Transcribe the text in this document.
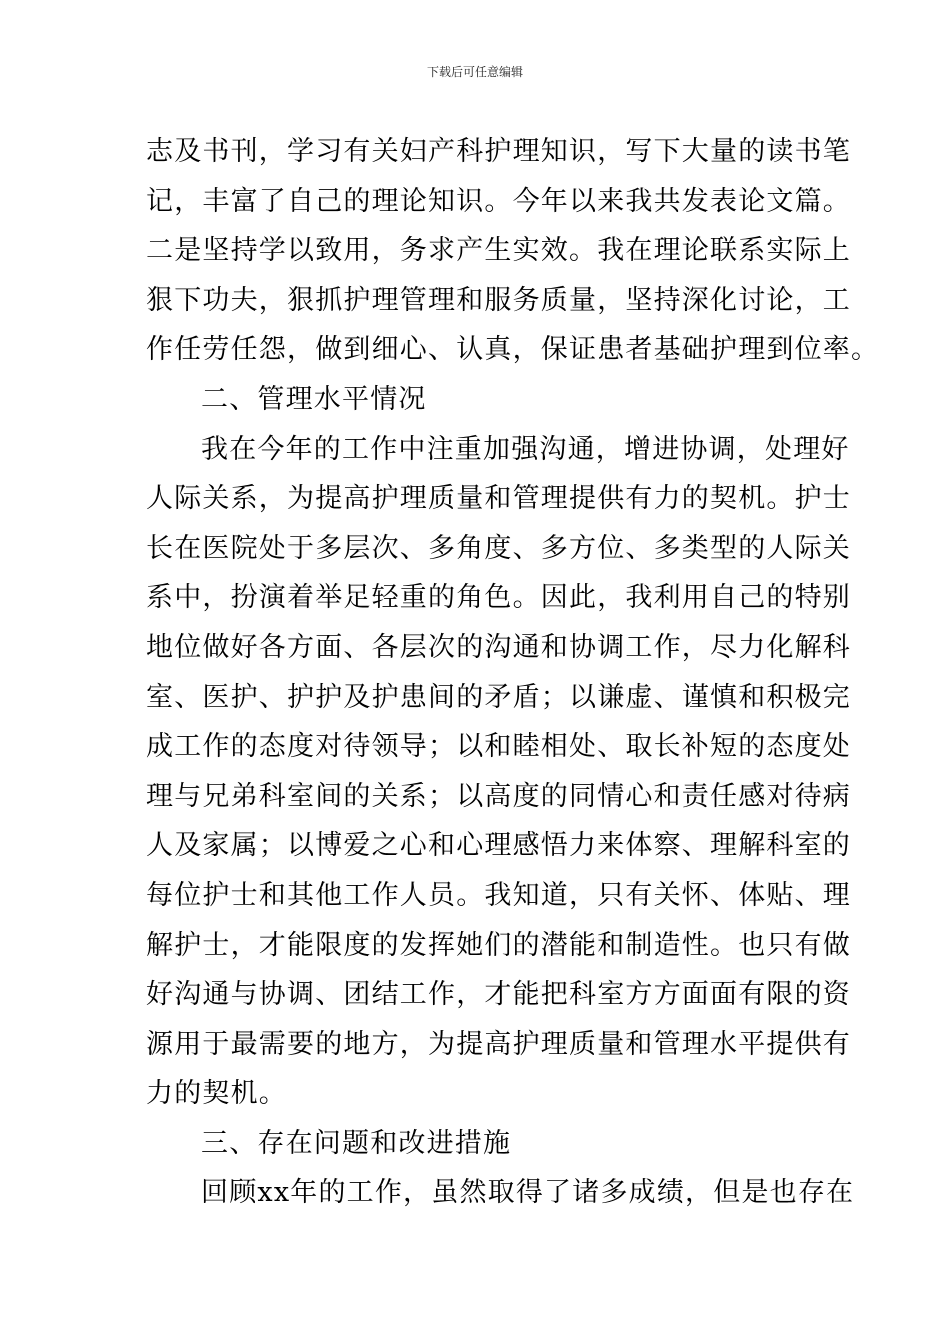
下载后可任意编辑
志及书刊，学习有关妇产科护理知识，写下大量的读书笔
记，丰富了自己的理论知识。今年以来我共发表论文篇。
二是坚持学以致用，务求产生实效。我在理论联系实际上
狠下功夫，狠抓护理管理和服务质量，坚持深化讨论，工
作任劳任怨，做到细心、认真，保证患者基础护理到位率。
二、管理水平情况
我在今年的工作中注重加强沟通，增进协调，处理好
人际关系，为提高护理质量和管理提供有力的契机。护士
长在医院处于多层次、多角度、多方位、多类型的人际关
系中，扮演着举足轻重的角色。因此，我利用自己的特别
地位做好各方面、各层次的沟通和协调工作，尽力化解科
室、医护、护护及护患间的矛盾；以谦虚、谨慎和积极完
成工作的态度对待领导；以和睦相处、取长补短的态度处
理与兄弟科室间的关系；以高度的同情心和责任感对待病
人及家属；以博爱之心和心理感悟力来体察、理解科室的
每位护士和其他工作人员。我知道，只有关怀、体贴、理
解护士，才能限度的发挥她们的潜能和制造性。也只有做
好沟通与协调、团结工作，才能把科室方方面面有限的资
源用于最需要的地方，为提高护理质量和管理水平提供有
力的契机。
三、存在问题和改进措施
回顾xx年的工作，虽然取得了诸多成绩，但是也存在
